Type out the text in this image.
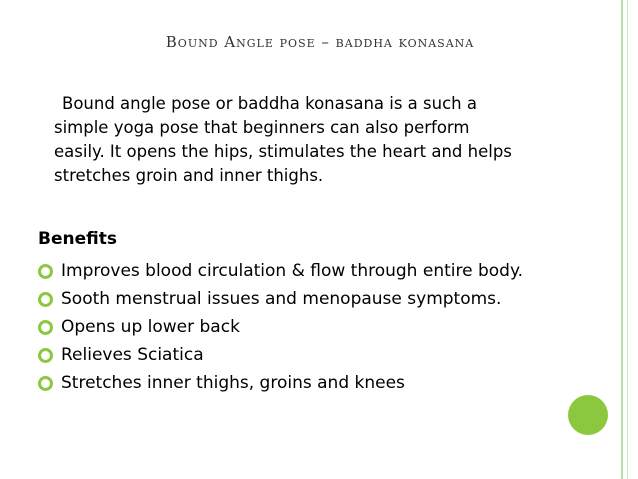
Bound Angle pose – baddha konasana
Bound angle pose or baddha konasana is a such a
simple yoga pose that beginners can also perform
easily. It opens the hips, stimulates the heart and helps
stretches groin and inner thighs.
Benefits
Improves blood circulation & flow through entire body.
Sooth menstrual issues and menopause symptoms.
Opens up lower back
Relieves Sciatica
Stretches inner thighs, groins and knees
